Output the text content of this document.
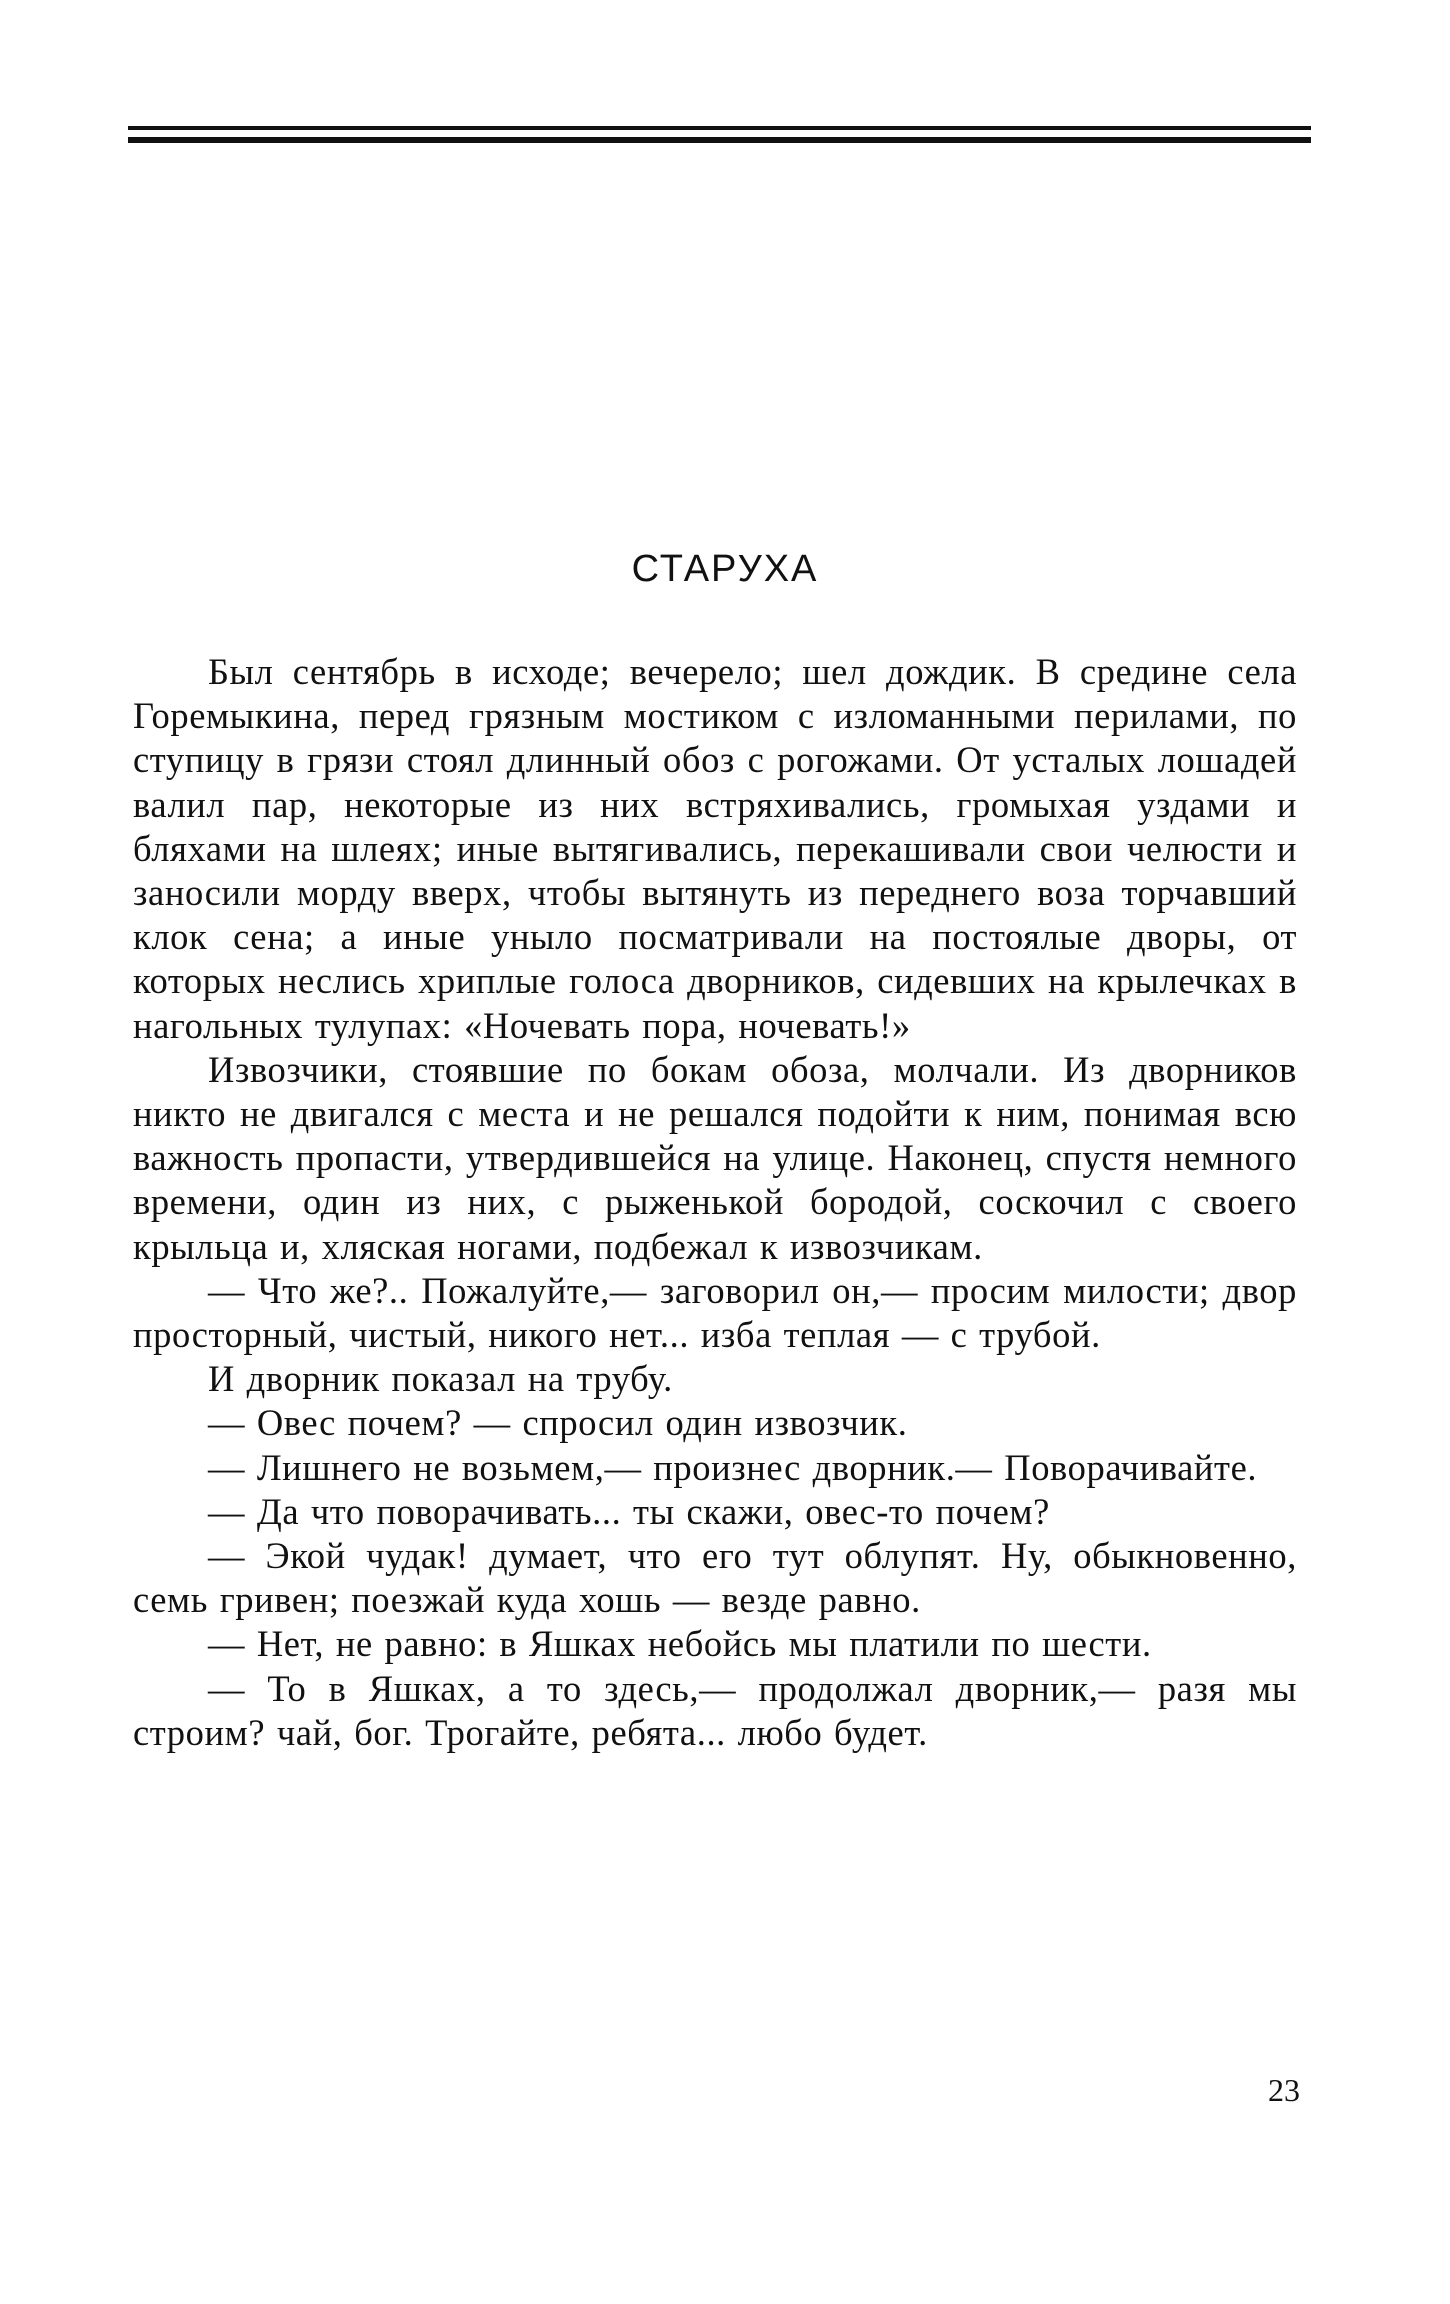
СТАРУХА

Был сентябрь в исходе; вечерело; шел дождик. В средине села Горемыкина, перед грязным мостиком с изломанными перилами, по ступицу в грязи стоял длинный обоз с рогожами. От усталых лошадей валил пар, некоторые из них встряхивались, громыхая уздами и бляхами на шлеях; иные вытягивались, перекашивали свои челюсти и заносили морду вверх, чтобы вытянуть из переднего воза торчавший клок сена; а иные уныло посматривали на постоялые дворы, от которых неслись хриплые голоса дворников, сидевших на крылечках в нагольных тулупах: «Ночевать пора, ночевать!»

Извозчики, стоявшие по бокам обоза, молчали. Из дворников никто не двигался с места и не решался подойти к ним, понимая всю важность пропасти, утвердившейся на улице. Наконец, спустя немного времени, один из них, с рыженькой бородой, соскочил с своего крыльца и, хляская ногами, подбежал к извозчикам.

— Что же?.. Пожалуйте,— заговорил он,— просим милости; двор просторный, чистый, никого нет... изба теплая — с трубой.

И дворник показал на трубу.

— Овес почем? — спросил один извозчик.

— Лишнего не возьмем,— произнес дворник.— Поворачивайте.

— Да что поворачивать... ты скажи, овес-то почем?

— Экой чудак! думает, что его тут облупят. Ну, обыкновенно, семь гривен; поезжай куда хошь — везде равно.

— Нет, не равно: в Яшках небойсь мы платили по шести.

— То в Яшках, а то здесь,— продолжал дворник,— разя мы строим? чай, бог. Трогайте, ребята... любо будет.

23
